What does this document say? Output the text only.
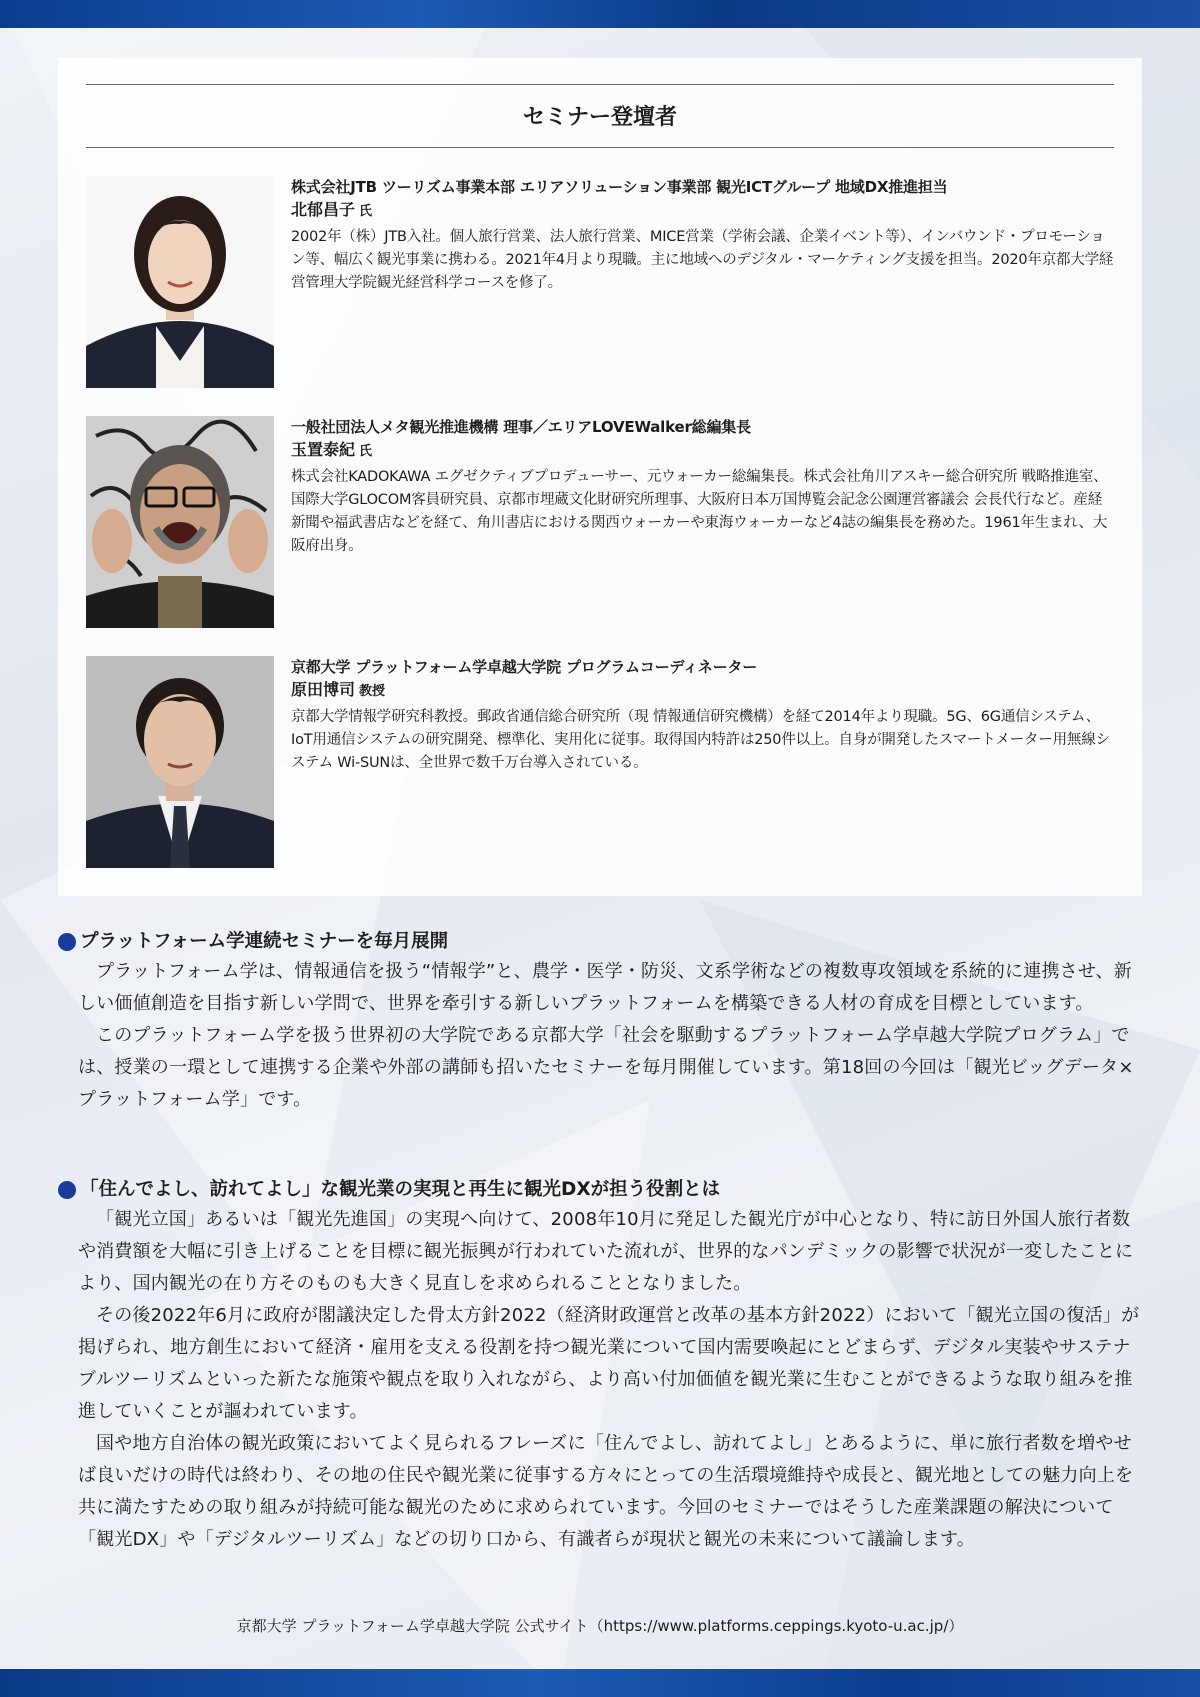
セミナー登壇者
株式会社JTB ツーリズム事業本部 エリアソリューション事業部 観光ICTグループ 地域DX推進担当
北郁昌子 氏
2002年（株）JTB入社。個人旅行営業、法人旅行営業、MICE営業（学術会議、企業イベント等）、インバウンド・プロモーション等、幅広く観光事業に携わる。2021年4月より現職。主に地域へのデジタル・マーケティング支援を担当。2020年京都大学経営管理大学院観光経営科学コースを修了。
一般社団法人メタ観光推進機構 理事／エリアLOVEWalker総編集長
玉置泰紀 氏
株式会社KADOKAWA エグゼクティブプロデューサー、元ウォーカー総編集長。株式会社角川アスキー総合研究所 戦略推進室、国際大学GLOCOM客員研究員、京都市埋蔵文化財研究所理事、大阪府日本万国博覧会記念公園運営審議会 会長代行など。産経新聞や福武書店などを経て、角川書店における関西ウォーカーや東海ウォーカーなど4誌の編集長を務めた。1961年生まれ、大阪府出身。
京都大学 プラットフォーム学卓越大学院 プログラムコーディネーター
原田博司 教授
京都大学情報学研究科教授。郵政省通信総合研究所（現 情報通信研究機構）を経て2014年より現職。5G、6G通信システム、IoT用通信システムの研究開発、標準化、実用化に従事。取得国内特許は250件以上。自身が開発したスマートメーター用無線システム Wi-SUNは、全世界で数千万台導入されている。
プラットフォーム学連続セミナーを毎月展開

プラットフォーム学は、情報通信を扱う“情報学”と、農学・医学・防災、文系学術などの複数専攻領域を系統的に連携させ、新しい価値創造を目指す新しい学問で、世界を牽引する新しいプラットフォームを構築できる人材の育成を目標としています。

このプラットフォーム学を扱う世界初の大学院である京都大学「社会を駆動するプラットフォーム学卓越大学院プログラム」では、授業の一環として連携する企業や外部の講師も招いたセミナーを毎月開催しています。第18回の今回は「観光ビッグデータ×プラットフォーム学」です。

「住んでよし、訪れてよし」な観光業の実現と再生に観光DXが担う役割とは

「観光立国」あるいは「観光先進国」の実現へ向けて、2008年10月に発足した観光庁が中心となり、特に訪日外国人旅行者数や消費額を大幅に引き上げることを目標に観光振興が行われていた流れが、世界的なパンデミックの影響で状況が一変したことにより、国内観光の在り方そのものも大きく見直しを求められることとなりました。

その後2022年6月に政府が閣議決定した骨太方針2022（経済財政運営と改革の基本方針2022）において「観光立国の復活」が掲げられ、地方創生において経済・雇用を支える役割を持つ観光業について国内需要喚起にとどまらず、デジタル実装やサステナブルツーリズムといった新たな施策や観点を取り入れながら、より高い付加価値を観光業に生むことができるような取り組みを推進していくことが謳われています。

国や地方自治体の観光政策においてよく見られるフレーズに「住んでよし、訪れてよし」とあるように、単に旅行者数を増やせば良いだけの時代は終わり、その地の住民や観光業に従事する方々にとっての生活環境維持や成長と、観光地としての魅力向上を共に満たすための取り組みが持続可能な観光のために求められています。今回のセミナーではそうした産業課題の解決について「観光DX」や「デジタルツーリズム」などの切り口から、有識者らが現状と観光の未来について議論します。

京都大学 プラットフォーム学卓越大学院 公式サイト（https://www.platforms.ceppings.kyoto-u.ac.jp/）
